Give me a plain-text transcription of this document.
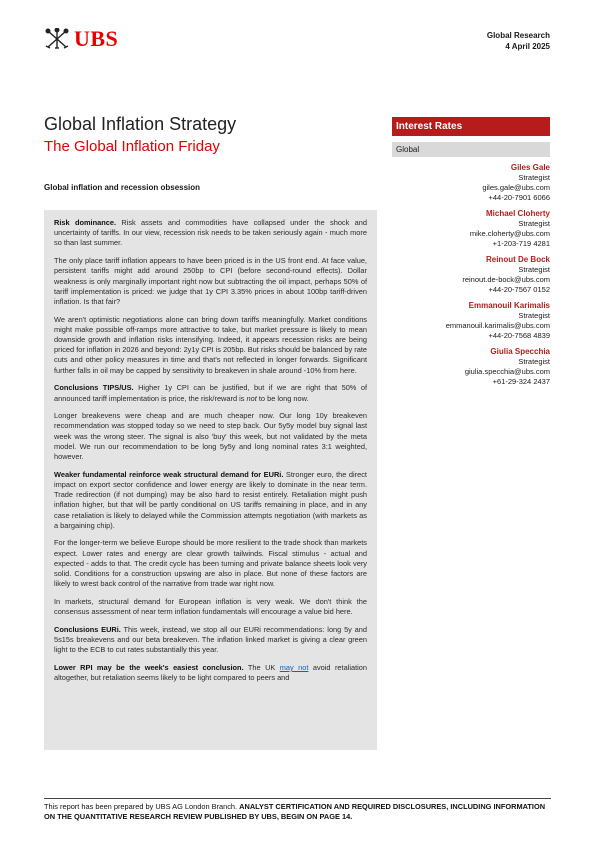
UBS	Global Research
4 April 2025
Global Inflation Strategy
The Global Inflation Friday
Global inflation and recession obsession
Interest Rates
Global
Giles Gale
Strategist
giles.gale@ubs.com
+44-20-7901 6066
Michael Cloherty
Strategist
mike.cloherty@ubs.com
+1-203-719 4281
Reinout De Bock
Strategist
reinout.de-bock@ubs.com
+44-20-7567 0152
Emmanouil Karimalis
Strategist
emmanouil.karimalis@ubs.com
+44-20-7568 4839
Giulia Specchia
Strategist
giulia.specchia@ubs.com
+61-29-324 2437

Risk dominance. Risk assets and commodities have collapsed under the shock and uncertainty of tariffs. In our view, recession risk needs to be taken seriously again - much more so than last summer.

The only place tariff inflation appears to have been priced is in the US front end. At face value, persistent tariffs might add around 250bp to CPI (before second-round effects). Dollar weakness is only marginally important right now but subtracting the oil impact, perhaps 50% of tariff implementation is priced: we judge that 1y CPI 3.35% prices in about 100bp tariff-driven inflation. Is that fair?

We aren't optimistic negotiations alone can bring down tariffs meaningfully. Market conditions might make possible off-ramps more attractive to take, but market pressure is likely to mean downside growth and inflation risks intensifying. Indeed, it appears recession risks are being priced for inflation in 2026 and beyond: 2y1y CPI is 205bp. But risks should be balanced by rate cuts and other policy measures in time and that's not reflected in longer forwards. Significant further falls in oil may be capped by sensitivity to breakeven in shale around -10% from here.

Conclusions TIPS/US. Higher 1y CPI can be justified, but if we are right that 50% of announced tariff implementation is price, the risk/reward is not to be long now.

Longer breakevens were cheap and are much cheaper now. Our long 10y breakeven recommendation was stopped today so we need to step back. Our 5y5y model buy signal last week was the wrong steer. The signal is also 'buy' this week, but not validated by the meta model. We run our recommendation to be long 5y5y and long nominal rates 3:1 weighted, however.

Weaker fundamental reinforce weak structural demand for EURi. Stronger euro, the direct impact on export sector confidence and lower energy are likely to dominate in the near term. Trade redirection (if not dumping) may be also hard to resist entirely. Retaliation might push inflation higher, but that will be partly conditional on US tariffs remaining in place, and in any case retaliation is likely to delayed while the Commission attempts negotiation (with markets as a bargaining chip).

For the longer-term we believe Europe should be more resilient to the trade shock than markets expect. Lower rates and energy are clear growth tailwinds. Fiscal stimulus - actual and expected - adds to that. The credit cycle has been turning and private balance sheets look very solid. Conditions for a construction upswing are also in place. But none of these factors are likely to wrest back control of the narrative from trade war right now.

In markets, structural demand for European inflation is very weak. We don't think the consensus assessment of near term inflation fundamentals will encourage a value bid here.

Conclusions EURi. This week, instead, we stop all our EURi recommendations: long 5y and 5s15s breakevens and our beta breakeven. The inflation linked market is giving a clear green light to the ECB to cut rates substantially this year.

Lower RPI may be the week's easiest conclusion. The UK may not avoid retaliation altogether, but retaliation seems likely to be light compared to peers and

This report has been prepared by UBS AG London Branch. ANALYST CERTIFICATION AND REQUIRED DISCLOSURES, INCLUDING INFORMATION ON THE QUANTITATIVE RESEARCH REVIEW PUBLISHED BY UBS, BEGIN ON PAGE 14.
